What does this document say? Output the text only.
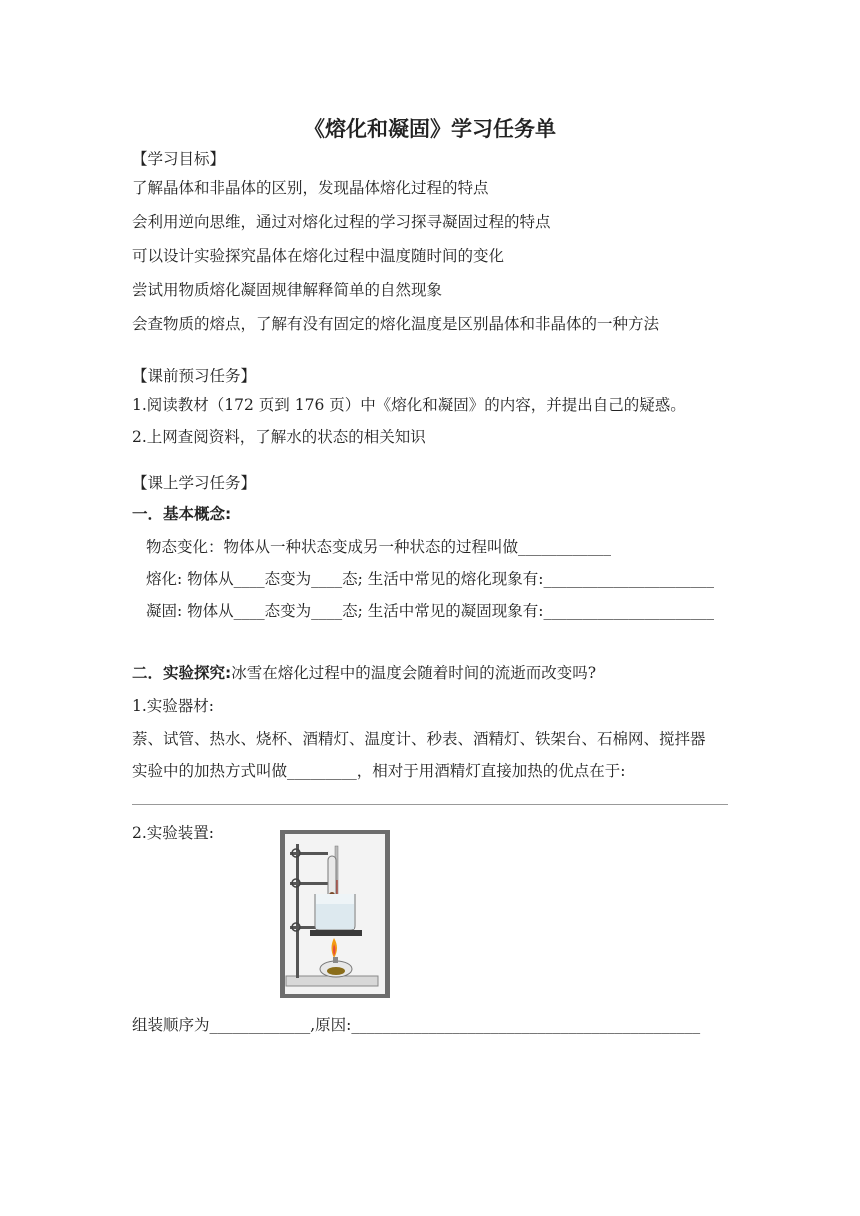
《熔化和凝固》学习任务单
【学习目标】
了解晶体和非晶体的区别，发现晶体熔化过程的特点
会利用逆向思维，通过对熔化过程的学习探寻凝固过程的特点
可以设计实验探究晶体在熔化过程中温度随时间的变化
尝试用物质熔化凝固规律解释简单的自然现象
会查物质的熔点，了解有没有固定的熔化温度是区别晶体和非晶体的一种方法
【课前预习任务】
1.阅读教材（172 页到 176 页）中《熔化和凝固》的内容，并提出自己的疑惑。
2.上网查阅资料，了解水的状态的相关知识
【课上学习任务】
一．基本概念:
物态变化：物体从一种状态变成另一种状态的过程叫做____________
熔化: 物体从____态变为____态; 生活中常见的熔化现象有:______________________
凝固: 物体从____态变为____态; 生活中常见的凝固现象有:______________________
二．实验探究:冰雪在熔化过程中的温度会随着时间的流逝而改变吗?
1.实验器材:
萘、试管、热水、烧杯、酒精灯、温度计、秒表、酒精灯、铁架台、石棉网、搅拌器
实验中的加热方式叫做_________，相对于用酒精灯直接加热的优点在于:
2.实验装置:
组装顺序为_____________,原因:_____________________________________________
